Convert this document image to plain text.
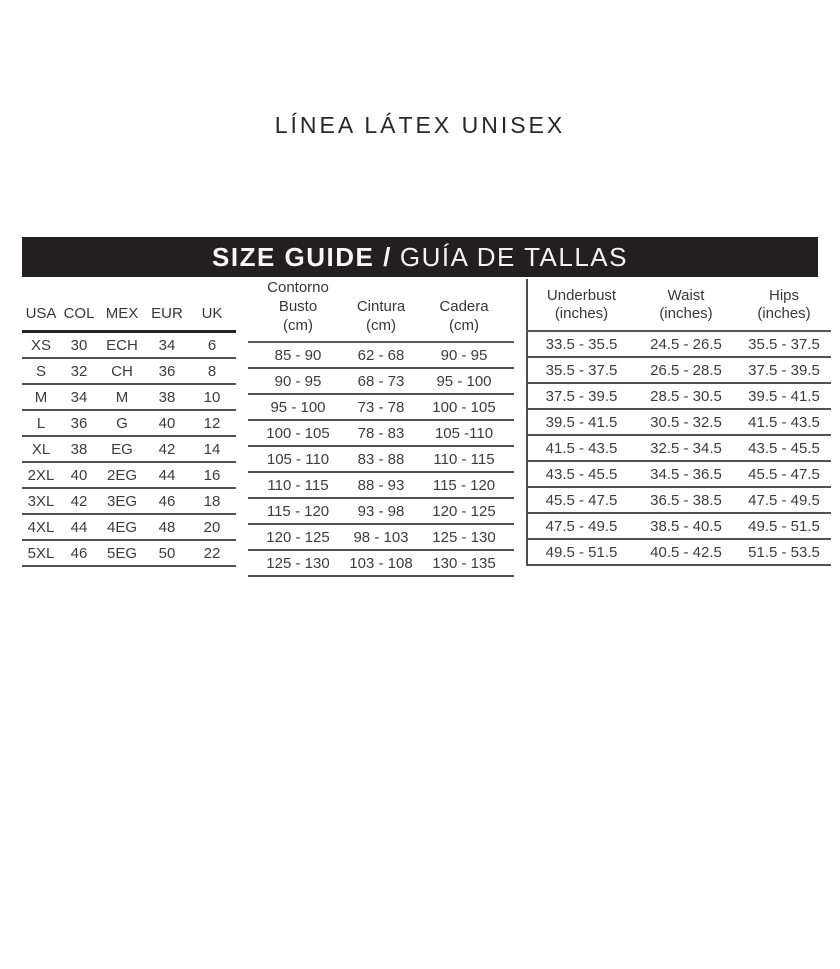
LÍNEA LÁTEX UNISEX
SIZE GUIDE / GUÍA DE TALLAS
USA	COL	MEX	EUR	UK

XS	30	ECH	34	6
S	32	CH	36	8
M	34	M	38	10
L	36	G	40	12
XL	38	EG	42	14
2XL	40	2EG	44	16
3XL	42	3EG	46	18
4XL	44	4EG	48	20
5XL	46	5EG	50	22
Contorno Busto
(cm)

Cintura
(cm)

Cadera
(cm)

85 - 90	62 - 68	90 - 95
90 - 95	68 - 73	95 - 100
95 - 100	73 - 78	100 - 105
100 - 105	78 - 83	105 -110
105 - 110	83 - 88	110 - 115
110 - 115	88 - 93	115 - 120
115 - 120	93 - 98	120 - 125
120 - 125	98 - 103	125 - 130
125 - 130	103 - 108	130 - 135
Underbust
(inches)

Waist
(inches)

Hips
(inches)

33.5 - 35.5	24.5 - 26.5	35.5 - 37.5
35.5 - 37.5	26.5 - 28.5	37.5 - 39.5
37.5 - 39.5	28.5 - 30.5	39.5 - 41.5
39.5 - 41.5	30.5 - 32.5	41.5 - 43.5
41.5 - 43.5	32.5 - 34.5	43.5 - 45.5
43.5 - 45.5	34.5 - 36.5	45.5 - 47.5
45.5 - 47.5	36.5 - 38.5	47.5 - 49.5
47.5 - 49.5	38.5 - 40.5	49.5 - 51.5
49.5 - 51.5	40.5 - 42.5	51.5 - 53.5
